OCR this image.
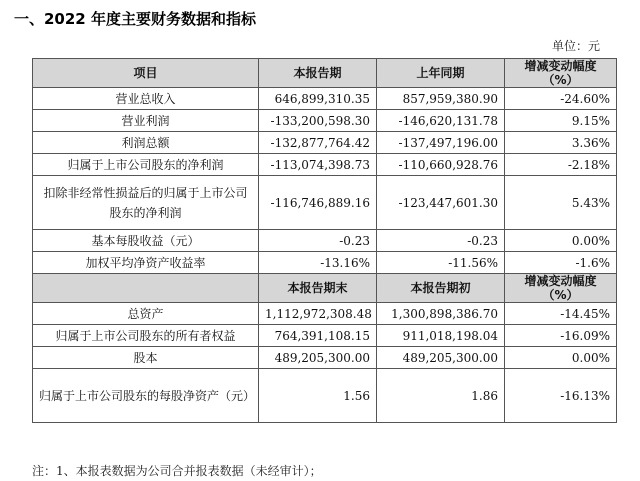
一、2022 年度主要财务数据和指标
单位：元
项目	本报告期	上年同期	增减变动幅度（%）
营业总收入	646,899,310.35	857,959,380.90	-24.60%
营业利润	-133,200,598.30	-146,620,131.78	9.15%
利润总额	-132,877,764.42	-137,497,196.00	3.36%
归属于上市公司股东的净利润	-113,074,398.73	-110,660,928.76	-2.18%
扣除非经常性损益后的归属于上市公司股东的净利润	-116,746,889.16	-123,447,601.30	5.43%
基本每股收益（元）	-0.23	-0.23	0.00%
加权平均净资产收益率	-13.16%	-11.56%	-1.6%
	本报告期末	本报告期初	增减变动幅度（%）
总资产	1,112,972,308.48	1,300,898,386.70	-14.45%
归属于上市公司股东的所有者权益	764,391,108.15	911,018,198.04	-16.09%
股本	489,205,300.00	489,205,300.00	0.00%
归属于上市公司股东的每股净资产（元）	1.56	1.86	-16.13%
注：1、本报表数据为公司合并报表数据（未经审计）；
